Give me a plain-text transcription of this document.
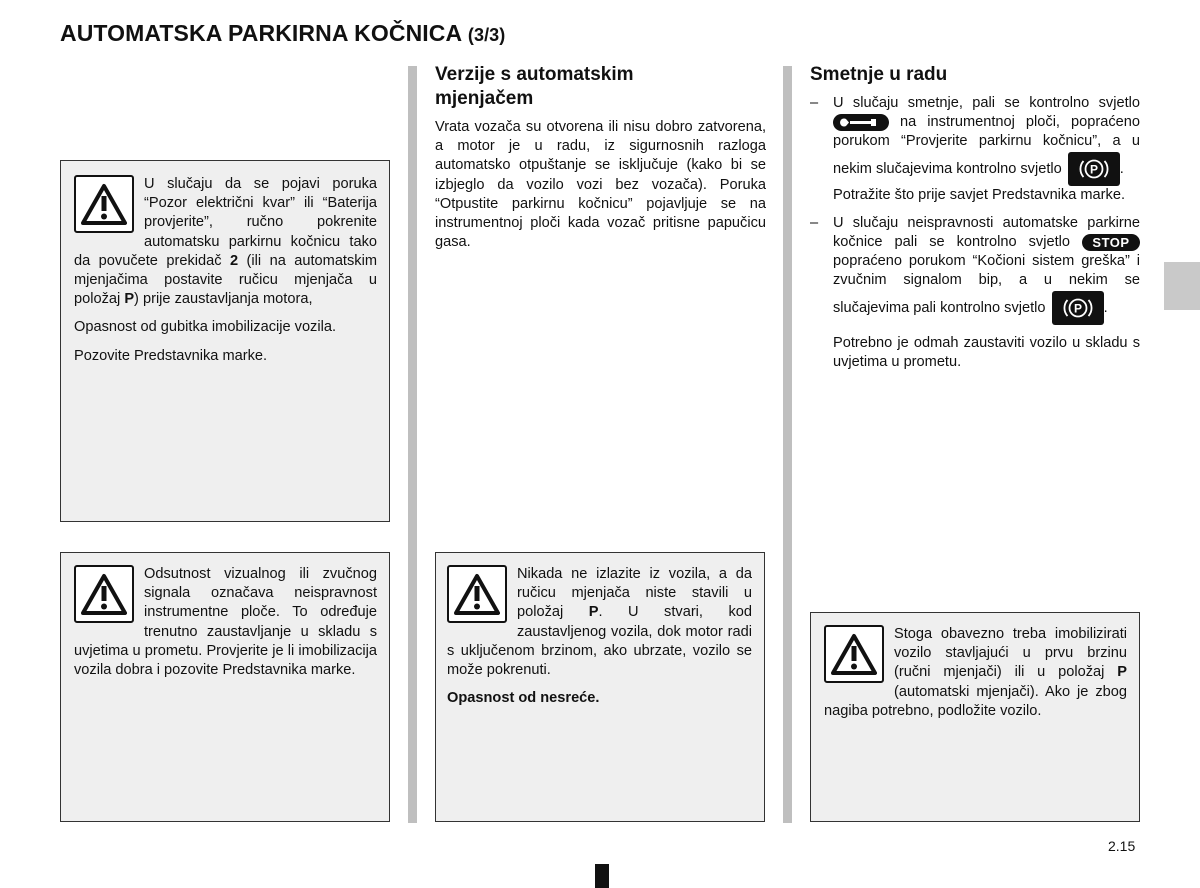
AUTOMATSKA PARKIRNA KOČNICA (3/3)

U slučaju da se pojavi poruka “Pozor električni kvar” ili “Baterija provjerite”, ručno pokrenite automatsku parkirnu kočnicu tako da povučete prekidač 2 (ili na automatskim mjenjačima postavite ručicu mjenjača u položaj P) prije zaustavljanja motora,

Opasnost od gubitka imobilizacije vozila.

Pozovite Predstavnika marke.

Odsutnost vizualnog ili zvučnog signala označava neispravnost instrumentne ploče. To određuje trenutno zaustavljanje u skladu s uvjetima u prometu. Provjerite je li imobilizacija vozila dobra i pozovite Predstavnika marke.

Verzije s automatskim mjenjačem
Vrata vozača su otvorena ili nisu dobro zatvorena, a motor je u radu, iz sigurnosnih razloga automatsko otpuštanje se isključuje (kako bi se izbjeglo da vozilo vozi bez vozača). Poruka “Otpustite parkirnu kočnicu” pojavljuje se na instrumentnoj ploči kada vozač pritisne papučicu gasa.

Nikada ne izlazite iz vozila, a da ručicu mjenjača niste stavili u položaj P. U stvari, kod zaustavljenog vozila, dok motor radi s uključenom brzinom, ako ubrzate, vozilo se može pokrenuti.

Opasnost od nesreće.

Smetnje u radu
– U slučaju smetnje, pali se kontrolno svjetlo
na instrumentnoj ploči, popraćeno porukom “Provjerite parkirnu kočnicu”, a u nekim slučajevima kontrolno svjetlo P .
Potražite što prije savjet Predstavnika marke.
– U slučaju neispravnosti automatske parkirne kočnice pali se kontrolno svjetlo STOP popraćeno porukom “Kočioni sistem greška” i zvučnim signalom bip, a u nekim se slučajevima pali kontrolno svjetlo P .
Potrebno je odmah zaustaviti vozilo u skladu s uvjetima u prometu.

Stoga obavezno treba imobilizirati vozilo stavljajući u prvu brzinu (ručni mjenjači) ili u položaj P (automatski mjenjači). Ako je zbog nagiba potrebno, podložite vozilo.

2.15
